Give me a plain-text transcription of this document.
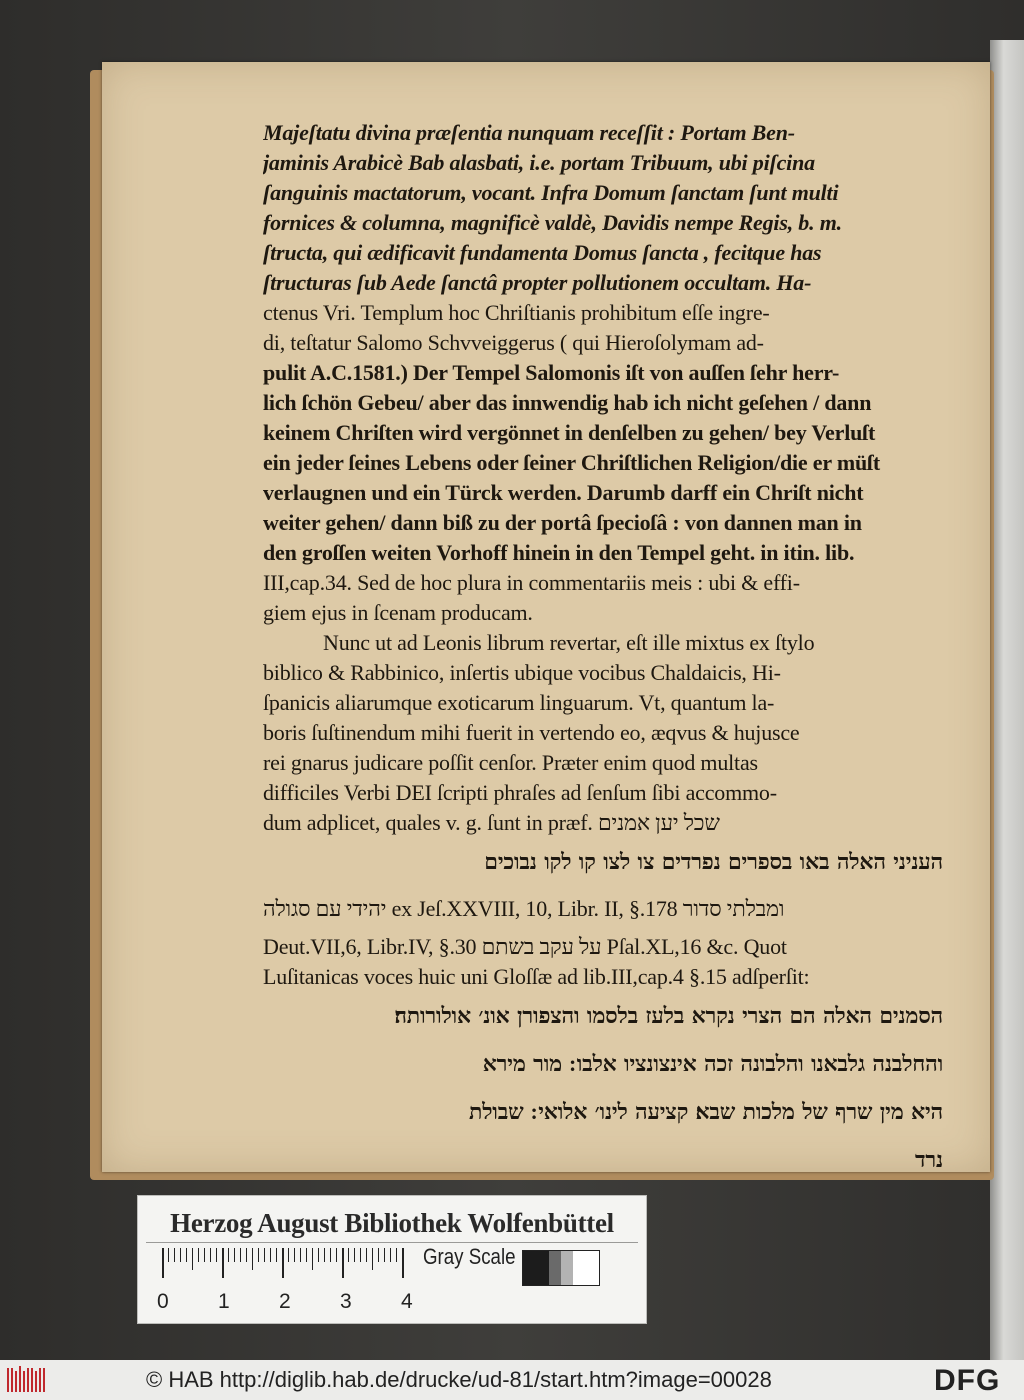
Majeſtatu divina præſentia nunquam receſſit : Portam Ben-
jaminis Arabicè Bab alasbati, i.e. portam Tribuum, ubi piſcina
ſanguinis mactatorum, vocant. Infra Domum ſanctam ſunt multi
fornices & columna, magnificè valdè, Davidis nempe Regis, b. m.
ſtructa, qui ædificavit fundamenta Domus ſancta , fecitque has
ſtructuras ſub Aede ſanctâ propter pollutionem occultam. Ha-
ctenus Vri. Templum hoc Chriſtianis prohibitum eſſe ingre-
di, teſtatur Salomo Schvveiggerus ( qui Hieroſolymam ad-
pulit A.C.1581.) Der Tempel Salomonis iſt von auſſen ſehr herr-
lich ſchön Gebeu/ aber das innwendig hab ich nicht geſehen / dann
keinem Chriſten wird vergönnet in denſelben zu gehen/ bey Verluſt
ein jeder ſeines Lebens oder ſeiner Chriſtlichen Religion/die er müſt
verlaugnen und ein Türck werden. Darumb darff ein Chriſt nicht
weiter gehen/ dann biß zu der portâ ſpecioſâ : von dannen man in
den groſſen weiten Vorhoff hinein in den Tempel geht. in itin. lib.
III,cap.34. Sed de hoc plura in commentariis meis : ubi & effi-
giem ejus in ſcenam producam.
Nunc ut ad Leonis librum revertar, eſt ille mixtus ex ſtylo
biblico & Rabbinico, inſertis ubique vocibus Chaldaicis, Hi-
ſpanicis aliarumque exoticarum linguarum. Vt, quantum la-
boris ſuſtinendum mihi fuerit in vertendo eo, æqvus & hujusce
rei gnarus judicare poſſit cenſor. Præter enim quod multas
difficiles Verbi DEI ſcripti phraſes ad ſenſum ſibi accommo-
dum adplicet, quales v. g. ſunt in præf. שכל יען אמנים
העניני האלה באו בספרים נפרדים צו לצו קו לקו נבוכים
יהידי עם סגולה ex Jeſ.XXVIII, 10, Libr. II, §.178 ומבלתי סדור
Deut.VII,6, Libr.IV, §.30 על עקב בשתם Pſal.XL,16 &c. Quot
Luſitanicas voces huic uni Gloſſæ ad lib.III,cap.4 §.15 adſperſit:
הסמנים האלה הם הצרי נקרא בלעז בלסמו והצפורן אונ׳ אולורותה׃
והחלבנה גלבאנו והלבונה זכה אינצונציו אלבו ׃ מור מירא
היא מין שרף של מלכות שבא׃ קציעה לינו׳ אלואי ׃ שבולת
נרד
Herzog August Bibliothek Wolfenbüttel
0 1 2 3 4
Gray Scale
© HAB http://diglib.hab.de/drucke/ud-81/start.htm?image=00028	DFG
